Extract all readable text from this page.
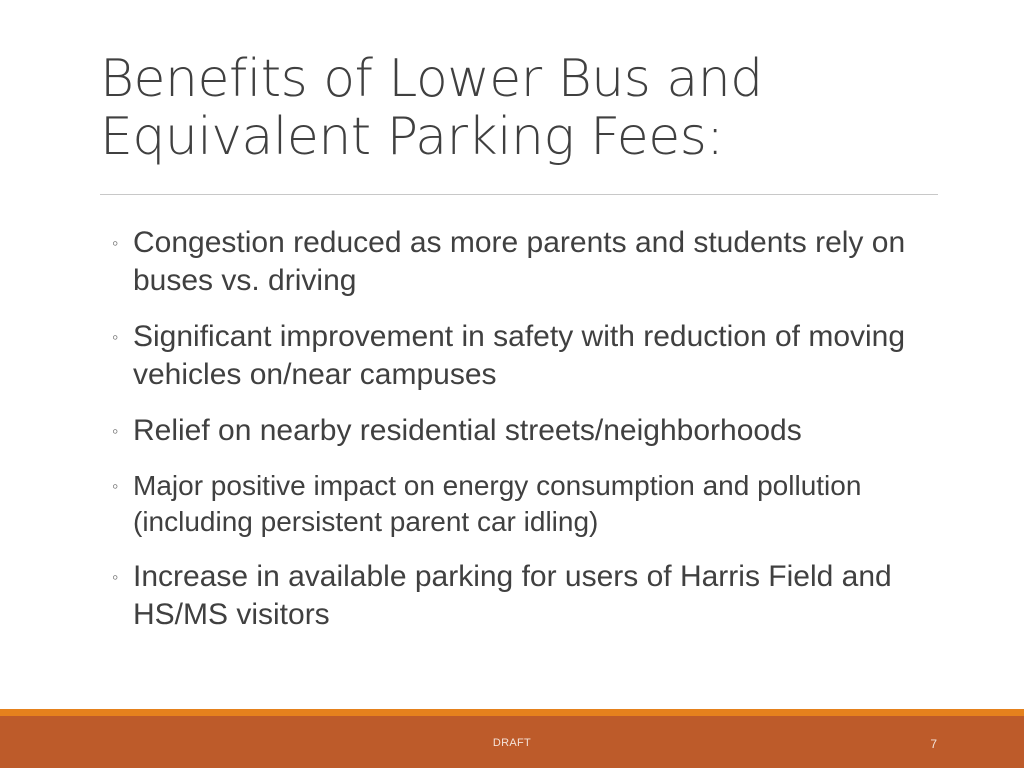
Benefits of Lower Bus and
Equivalent Parking Fees:
◦ Congestion reduced as more parents and students rely on buses vs. driving
◦ Significant improvement in safety with reduction of moving vehicles on/near campuses
◦ Relief on nearby residential streets/neighborhoods
◦ Major positive impact on energy consumption and pollution (including persistent parent car idling)
◦ Increase in available parking for users of Harris Field and HS/MS visitors
DRAFT	7
